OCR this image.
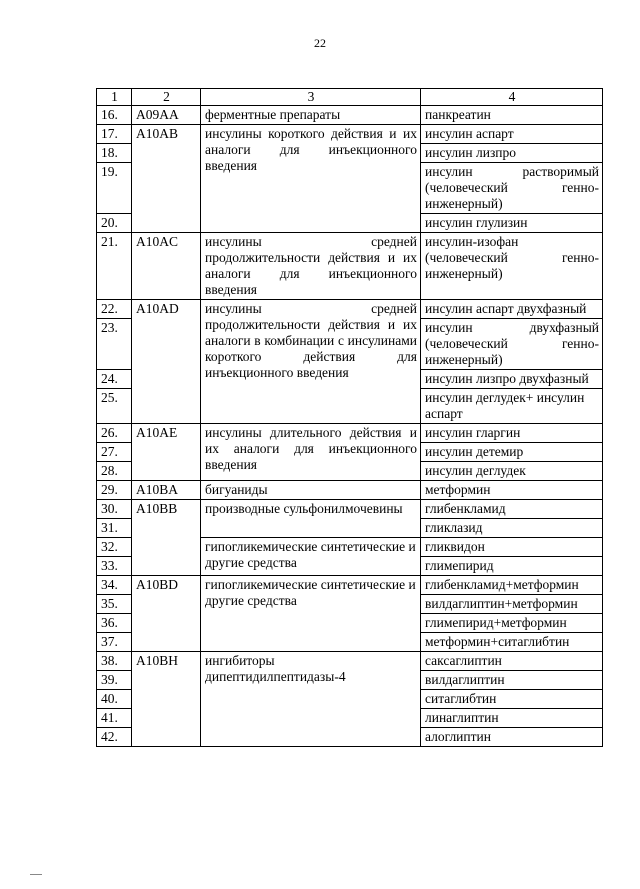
22
1	2	3	4
16.	A09AA	ферментные препараты	панкреатин
17.	A10AB	инсулины короткого действия и их аналоги для инъекционного введения	инсулин аспарт
18.			инсулин лизпро
19.			инсулин растворимый (человеческий генно-инженерный)
20.			инсулин глулизин
21.	A10AC	инсулины средней продолжительности действия и их аналоги для инъекционного введения	инсулин-изофан (человеческий генно-инженерный)
22.	A10AD	инсулины средней продолжительности действия и их аналоги в комбинации с инсулинами короткого действия для инъекционного введения	инсулин аспарт двухфазный
23.			инсулин двухфазный (человеческий генно-инженерный)
24.			инсулин лизпро двухфазный
25.			инсулин деглудек+ инсулин аспарт
26.	A10AE	инсулины длительного действия и их аналоги для инъекционного введения	инсулин гларгин
27.			инсулин детемир
28.			инсулин деглудек
29.	A10BA	бигуаниды	метформин
30.	A10BB	производные сульфонилмочевины	глибенкламид
31.			гликлазид
32.		гипогликемические синтетические и другие средства	гликвидон
33.			глимепирид
34.	A10BD	гипогликемические синтетические и другие средства	глибенкламид+метформин
35.			вилдаглиптин+метформин
36.			глимепирид+метформин
37.			метформин+ситаглибтин
38.	A10BH	ингибиторы дипептидилпептидазы-4	саксаглиптин
39.			вилдаглиптин
40.			ситаглибтин
41.			линаглиптин
42.			алоглиптин
